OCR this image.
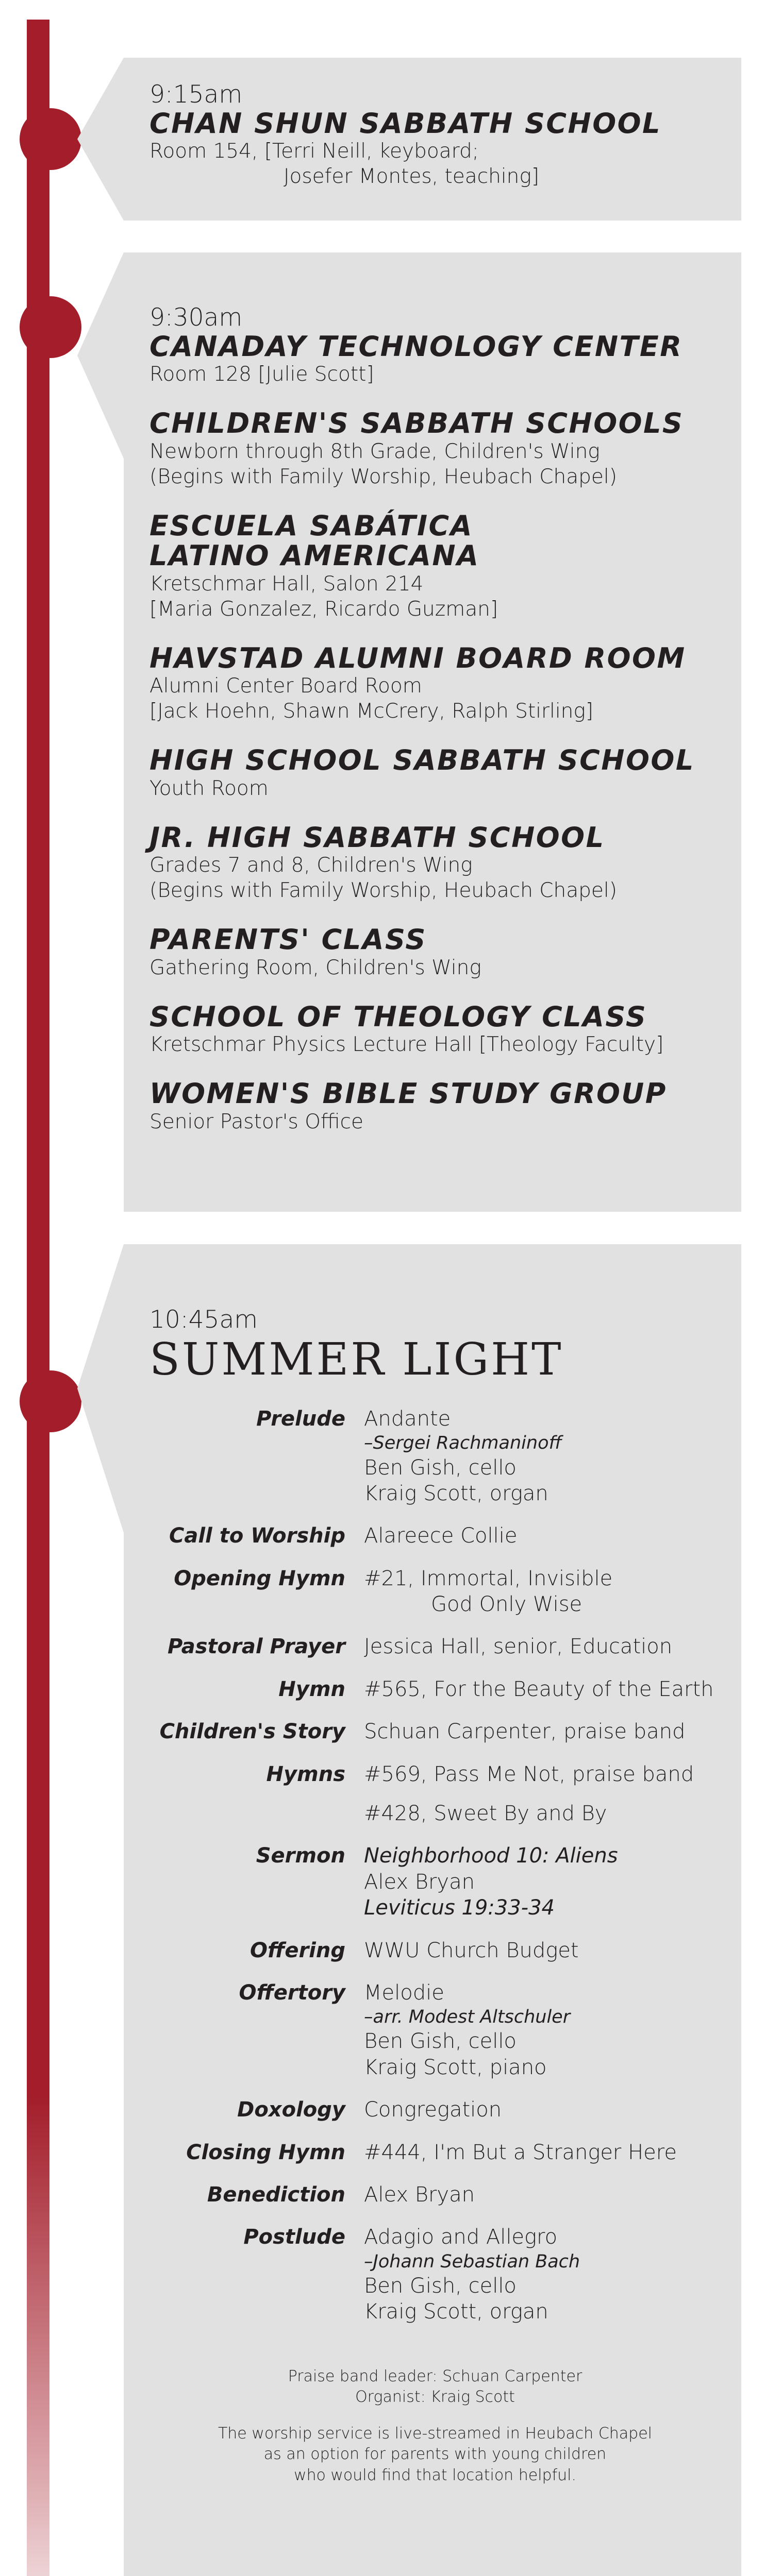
9:15am

CHAN SHUN SABBATH SCHOOL

Room 154, [Terri Neill, keyboard;

Josefer Montes, teaching]

9:30am

CANADAY TECHNOLOGY CENTER

Room 128 [Julie Scott]

CHILDREN'S SABBATH SCHOOLS

Newborn through 8th Grade, Children's Wing
(Begins with Family Worship, Heubach Chapel)

ESCUELA SABÁTICA

LATINO AMERICANA

Kretschmar Hall, Salon 214
[Maria Gonzalez, Ricardo Guzman]

HAVSTAD ALUMNI BOARD ROOM

Alumni Center Board Room
[Jack Hoehn, Shawn McCrery, Ralph Stirling]

HIGH SCHOOL SABBATH SCHOOL

Youth Room

JR. HIGH SABBATH SCHOOL

Grades 7 and 8, Children's Wing
(Begins with Family Worship, Heubach Chapel)

PARENTS' CLASS

Gathering Room, Children's Wing

SCHOOL OF THEOLOGY CLASS

Kretschmar Physics Lecture Hall [Theology Faculty]

WOMEN'S BIBLE STUDY GROUP

Senior Pastor's Office

10:45am

SUMMER LIGHT

Prelude Andante
–Sergei Rachmaninoff
Ben Gish, cello
Kraig Scott, organ
Call to Worship Alareece Collie
Opening Hymn #21, Immortal, Invisible
God Only Wise
Pastoral Prayer Jessica Hall, senior, Education
Hymn #565, For the Beauty of the Earth
Children's Story Schuan Carpenter, praise band
Hymns #569, Pass Me Not, praise band
#428, Sweet By and By
Sermon Neighborhood 10: Aliens
Alex Bryan
Leviticus 19:33-34
Offering WWU Church Budget
Offertory Melodie
–arr. Modest Altschuler
Ben Gish, cello
Kraig Scott, piano
Doxology Congregation
Closing Hymn #444, I'm But a Stranger Here
Benediction Alex Bryan
Postlude Adagio and Allegro
–Johann Sebastian Bach
Ben Gish, cello
Kraig Scott, organ
Praise band leader: Schuan Carpenter
Organist: Kraig Scott
The worship service is live-streamed in Heubach Chapel
as an option for parents with young children
who would find that location helpful.
